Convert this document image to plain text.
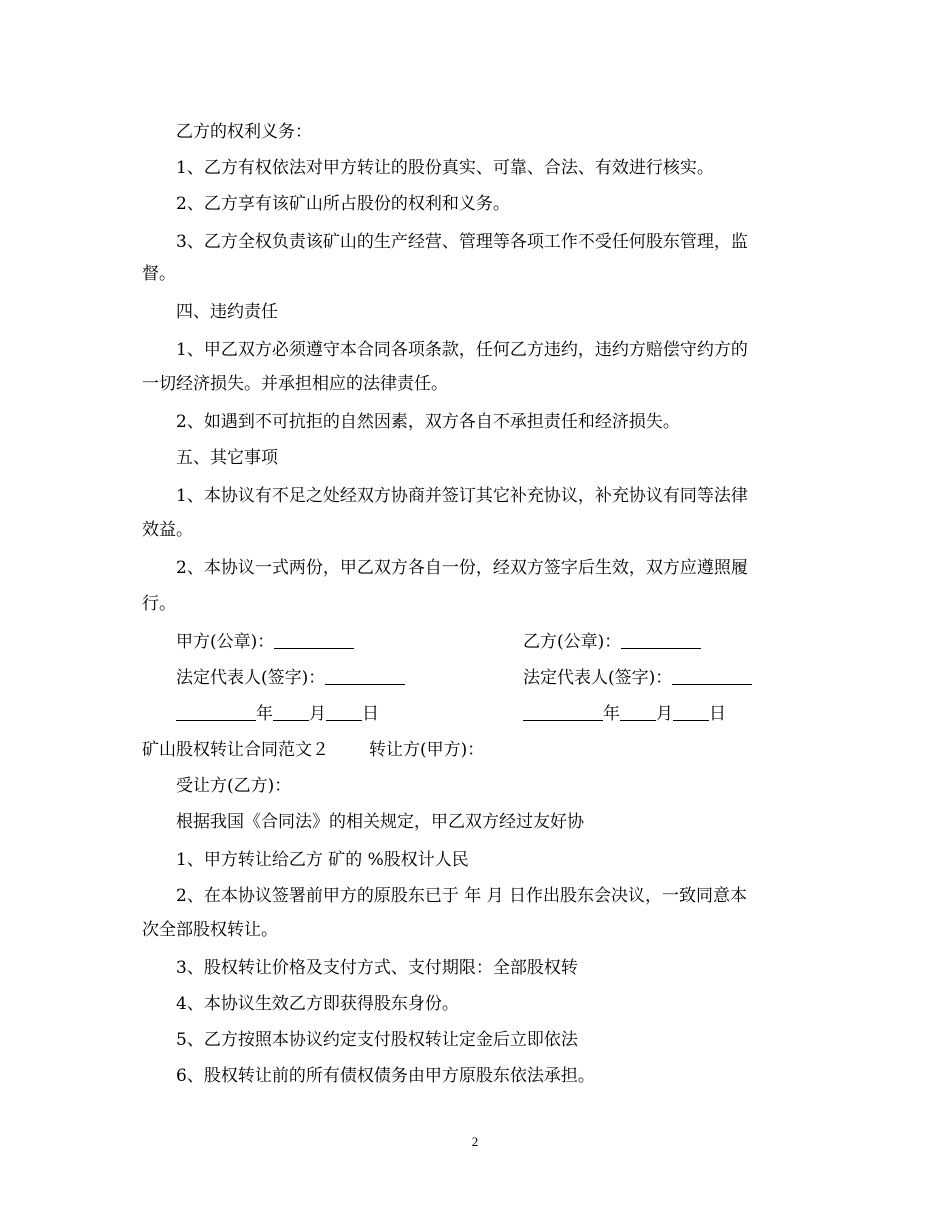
乙方的权利义务：
1、乙方有权依法对甲方转让的股份真实、可靠、合法、有效进行核实。
2、乙方享有该矿山所占股份的权利和义务。
3、乙方全权负责该矿山的生产经营、管理等各项工作不受任何股东管理，监
督。
四、违约责任
1、甲乙双方必须遵守本合同各项条款，任何乙方违约，违约方赔偿守约方的
一切经济损失。并承担相应的法律责任。
2、如遇到不可抗拒的自然因素，双方各自不承担责任和经济损失。
五、其它事项
1、本协议有不足之处经双方协商并签订其它补充协议，补充协议有同等法律
效益。
2、本协议一式两份，甲乙双方各自一份，经双方签字后生效，双方应遵照履
行。
甲方(公章)：	乙方(公章)：
法定代表人(签字)：	法定代表人(签字)：
年 月 日	年 月 日
矿山股权转让合同范文２ 转让方(甲方)：
受让方(乙方)：
根据我国《合同法》的相关规定，甲乙双方经过友好协
1、甲方转让给乙方 矿的 %股权计人民
2、在本协议签署前甲方的原股东已于 年 月 日作出股东会决议，一致同意本
次全部股权转让。
3、股权转让价格及支付方式、支付期限：全部股权转
4、本协议生效乙方即获得股东身份。
5、乙方按照本协议约定支付股权转让定金后立即依法
6、股权转让前的所有债权债务由甲方原股东依法承担。
2
